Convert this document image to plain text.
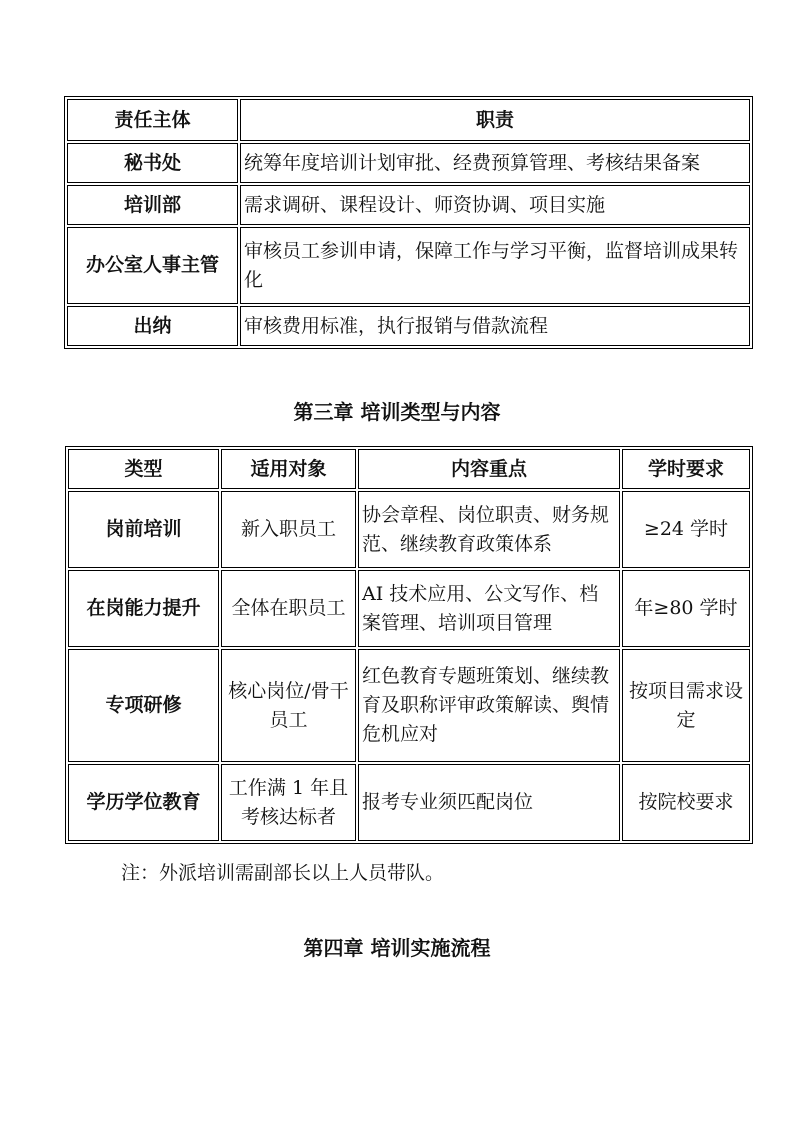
责任主体	职责
秘书处	统筹年度培训计划审批、经费预算管理、考核结果备案
培训部	需求调研、课程设计、师资协调、项目实施
办公室人事主管	审核员工参训申请，保障工作与学习平衡，监督培训成果转化
出纳	审核费用标准，执行报销与借款流程
第三章 培训类型与内容
类型	适用对象	内容重点	学时要求
岗前培训	新入职员工	协会章程、岗位职责、财务规范、继续教育政策体系	≥24 学时
在岗能力提升	全体在职员工	AI 技术应用、公文写作、档案管理、培训项目管理	年≥80 学时
专项研修	核心岗位/骨干员工	红色教育专题班策划、继续教育及职称评审政策解读、舆情危机应对	按项目需求设定
学历学位教育	工作满 1 年且考核达标者	报考专业须匹配岗位	按院校要求
注：外派培训需副部长以上人员带队。
第四章 培训实施流程
